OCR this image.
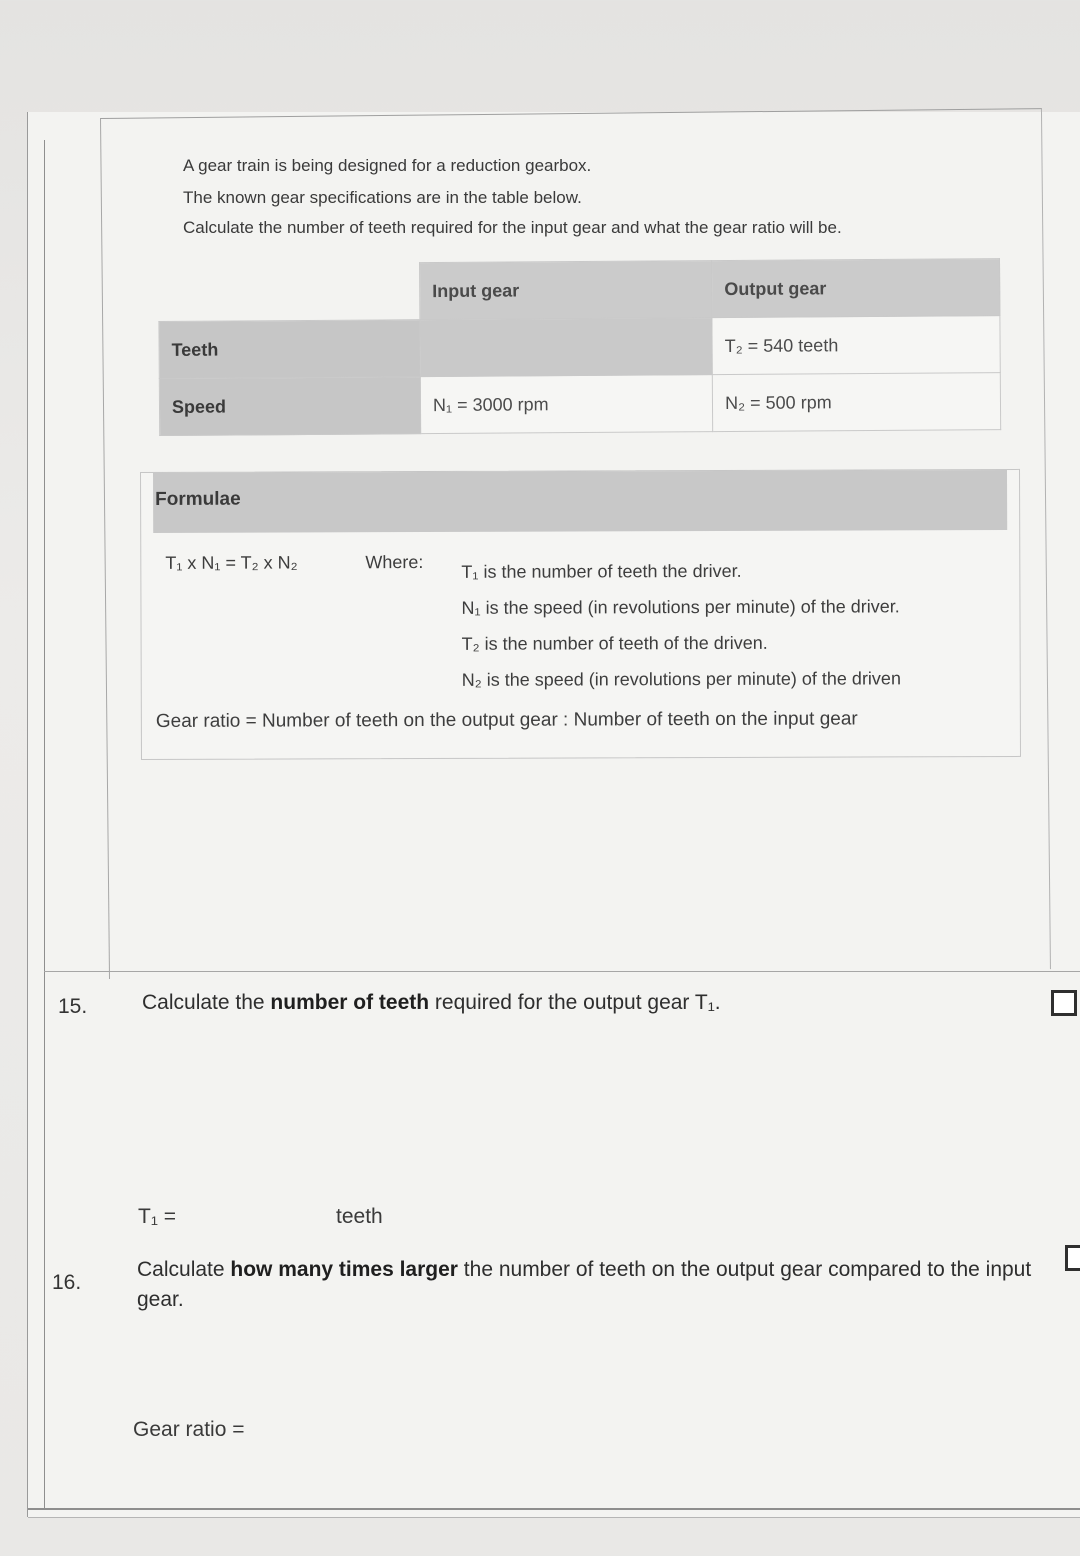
A gear train is being designed for a reduction gearbox.

The known gear specifications are in the table below.

Calculate the number of teeth required for the input gear and what the gear ratio will be.

	Input gear	Output gear
Teeth		T₂ = 540 teeth
Speed	N₁ = 3000 rpm	N₂ = 500 rpm
Formulae
T₁ x N₁ = T₂ x N₂	Where: T₁ is the number of teeth the driver.
N₁ is the speed (in revolutions per minute) of the driver.
T₂ is the number of teeth of the driven.
N₂ is the speed (in revolutions per minute) of the driven
Gear ratio = Number of teeth on the output gear : Number of teeth on the input gear
15.	Calculate the number of teeth required for the output gear T₁.
T₁ =	teeth
16.
Calculate how many times larger the number of teeth on the output gear compared to the input gear.
Gear ratio =
